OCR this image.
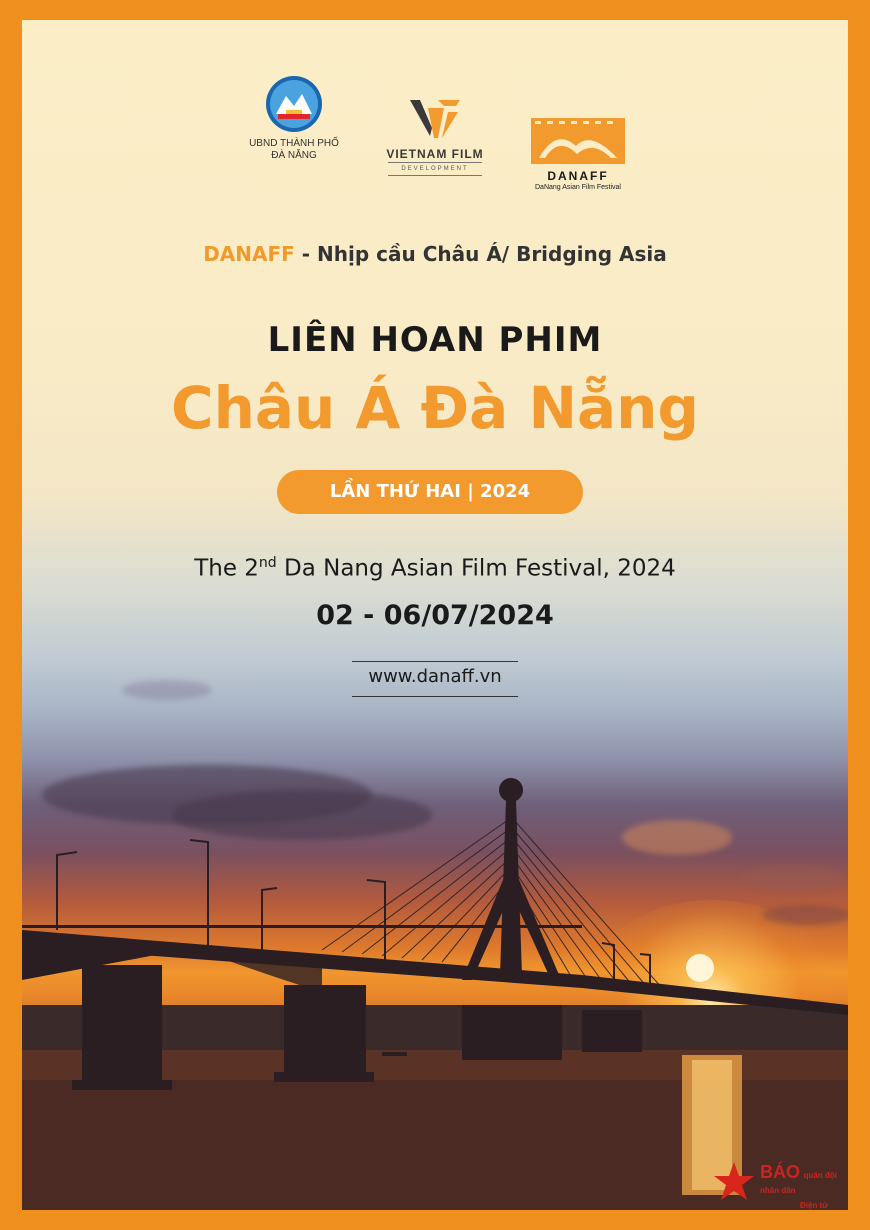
UBND THÀNH PHỐ
ĐÀ NẴNG	VIETNAM FILM
DEVELOPMENT	DANAFF
DaNang Asian Film Festival
DANAFF - Nhịp cầu Châu Á/ Bridging Asia
LIÊN HOAN PHIM
Châu Á Đà Nẵng
LẦN THỨ HAI | 2024
The 2nd Da Nang Asian Film Festival, 2024
02 - 06/07/2024
www.danaff.vn
BÁO quân đội nhân dân
Điện tử
